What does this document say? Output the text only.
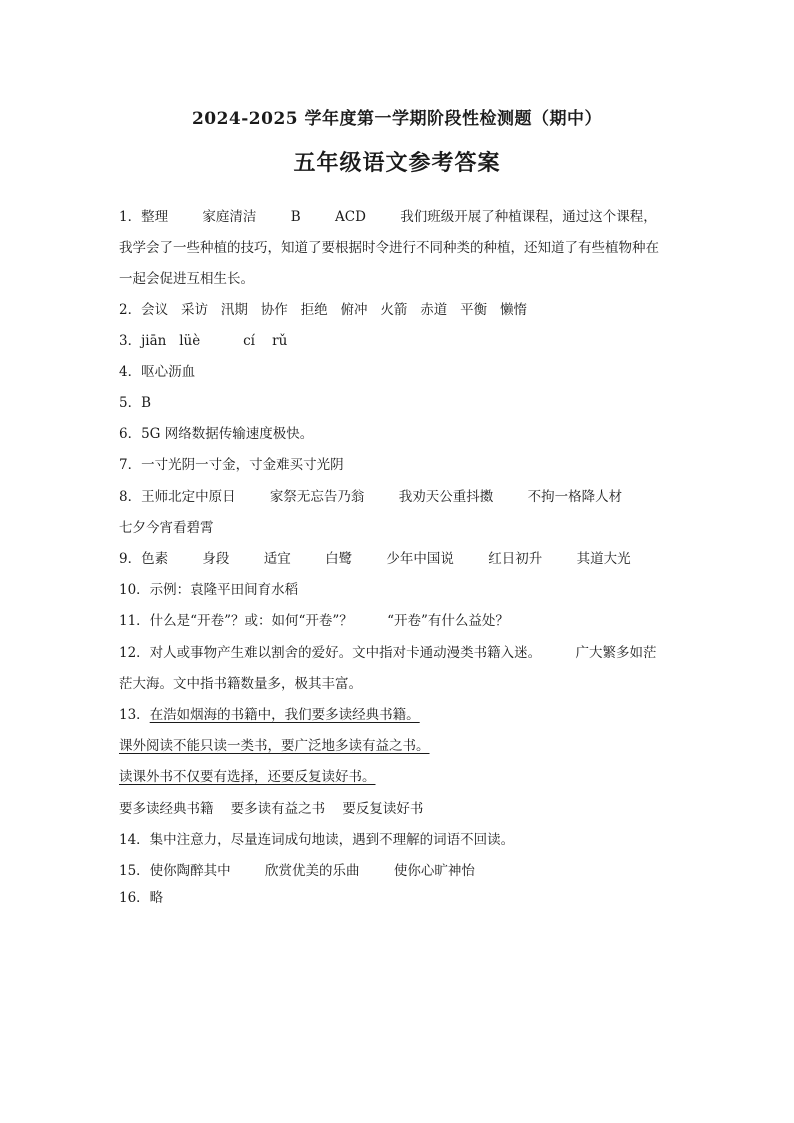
2024-2025 学年度第一学期阶段性检测题（期中）
五年级语文参考答案
1．整理        家庭清洁        B        ACD        我们班级开展了种植课程，通过这个课程，
我学会了一些种植的技巧，知道了要根据时令进行不同种类的种植，还知道了有些植物种在
一起会促进互相生长。
2．会议   采访   汛期   协作   拒绝   俯冲   火箭   赤道   平衡   懒惰
3．jiān   lüè          cí    rǔ
4．呕心沥血
5．B
6．5G 网络数据传输速度极快。
7．一寸光阴一寸金，寸金难买寸光阴
8．王师北定中原日        家祭无忘告乃翁        我劝天公重抖擞        不拘一格降人材
七夕今宵看碧霄
9．色素        身段        适宜        白鹭        少年中国说        红日初升        其道大光
10．示例：袁隆平田间育水稻
11．什么是“开卷”？或：如何“开卷”？        “开卷”有什么益处？
12．对人或事物产生难以割舍的爱好。文中指对卡通动漫类书籍入迷。        广大繁多如茫
茫大海。文中指书籍数量多，极其丰富。
13．在浩如烟海的书籍中，我们要多读经典书籍。
课外阅读不能只读一类书，要广泛地多读有益之书。
读课外书不仅要有选择，还要反复读好书。
要多读经典书籍    要多读有益之书    要反复读好书
14．集中注意力，尽量连词成句地读，遇到不理解的词语不回读。
15．使你陶醉其中        欣赏优美的乐曲        使你心旷神怡
16．略
